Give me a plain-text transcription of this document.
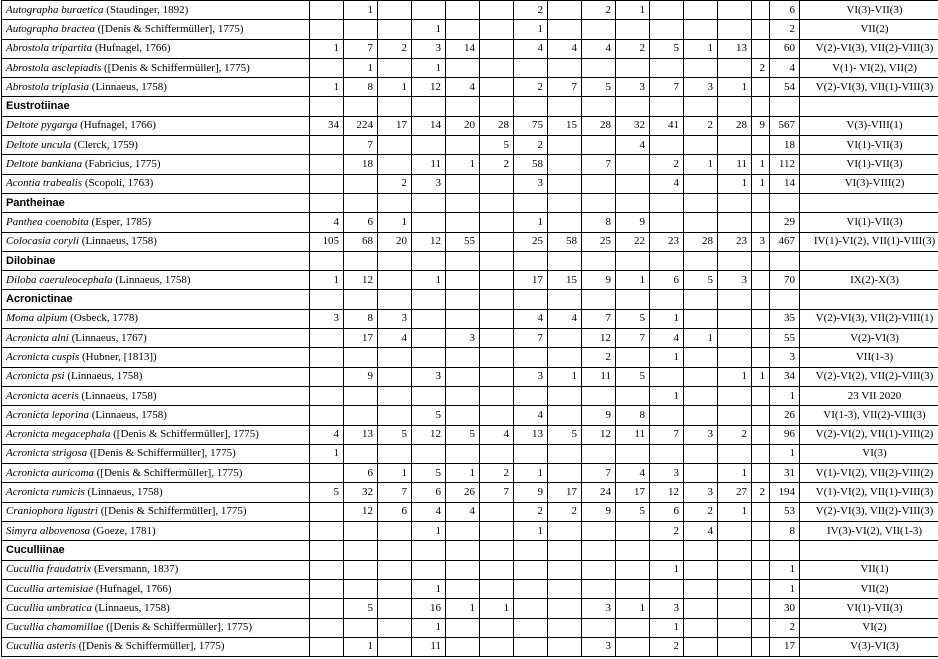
Autographa buraetica (Staudinger, 1892)		1					2		2	1					6	VI(3)-VII(3)
Autographa bractea ([Denis & Schiffermüller], 1775)				1			1								2	VII(2)
Abrostola tripartita (Hufnagel, 1766)	1	7	2	3	14		4	4	4	2	5	1	13		60	V(2)-VI(3), VII(2)-VIII(3)
Abrostola asclepiadis ([Denis & Schiffermüller], 1775)		1		1										2	4	V(1)- VI(2), VII(2)
Abrostola triplasia (Linnaeus, 1758)	1	8	1	12	4		2	7	5	3	7	3	1		54	V(2)-VI(3), VII(1)-VIII(3)
Eustrotiinae																
Deltote pygarga (Hufnagel, 1766)	34	224	17	14	20	28	75	15	28	32	41	2	28	9	567	V(3)-VIII(1)
Deltote uncula (Clerck, 1759)		7				5	2			4					18	VI(1)-VII(3)
Deltote bankiana (Fabricius, 1775)		18		11	1	2	58		7		2	1	11	1	112	VI(1)-VII(3)
Acontia trabealis (Scopoli, 1763)			2	3			3				4		1	1	14	VI(3)-VIII(2)
Pantheinae																
Panthea coenobita (Esper, 1785)	4	6	1				1		8	9					29	VI(1)-VII(3)
Colocasia coryli (Linnaeus, 1758)	105	68	20	12	55		25	58	25	22	23	28	23	3	467	IV(1)-VI(2), VII(1)-VIII(3)
Dilobinae																
Diloba caeruleocephala (Linnaeus, 1758)	1	12		1			17	15	9	1	6	5	3		70	IX(2)-X(3)
Acronictinae																
Moma alpium (Osbeck, 1778)	3	8	3				4	4	7	5	1				35	V(2)-VI(3), VII(2)-VIII(1)
Acronicta alni (Linnaeus, 1767)		17	4		3		7		12	7	4	1			55	V(2)-VI(3)
Acronicta cuspis (Hubner, [1813])									2		1				3	VII(1-3)
Acronicta psi (Linnaeus, 1758)		9		3			3	1	11	5			1	1	34	V(2)-VI(2), VII(2)-VIII(3)
Acronicta aceris (Linnaeus, 1758)											1				1	23 VII 2020
Acronicta leporina (Linnaeus, 1758)				5			4		9	8					26	VI(1-3), VII(2)-VIII(3)
Acronicta megacephala ([Denis & Schiffermüller], 1775)	4	13	5	12	5	4	13	5	12	11	7	3	2		96	V(2)-VI(2), VII(1)-VIII(2)
Acronicta strigosa ([Denis & Schiffermüller], 1775)	1														1	VI(3)
Acronicta auricoma ([Denis & Schiffermüller], 1775)		6	1	5	1	2	1		7	4	3		1		31	V(1)-VI(2), VII(2)-VIII(2)
Acronicta rumicis (Linnaeus, 1758)	5	32	7	6	26	7	9	17	24	17	12	3	27	2	194	V(1)-VI(2), VII(1)-VIII(3)
Craniophora ligustri ([Denis & Schiffermüller], 1775)		12	6	4	4		2	2	9	5	6	2	1		53	V(2)-VI(3), VII(2)-VIII(3)
Simyra albovenosa (Goeze, 1781)				1			1				2	4			8	IV(3)-VI(2), VII(1-3)
Cuculliinae																
Cucullia fraudatrix (Eversmann, 1837)											1				1	VII(1)
Cucullia artemisiae (Hufnagel, 1766)				1											1	VII(2)
Cucullia umbratica (Linnaeus, 1758)		5		16	1	1			3	1	3				30	VI(1)-VII(3)
Cucullia chamomillae ([Denis & Schiffermüller], 1775)				1							1				2	VI(2)
Cucullia asteris ([Denis & Schiffermüller], 1775)		1		11					3		2				17	V(3)-VI(3)
